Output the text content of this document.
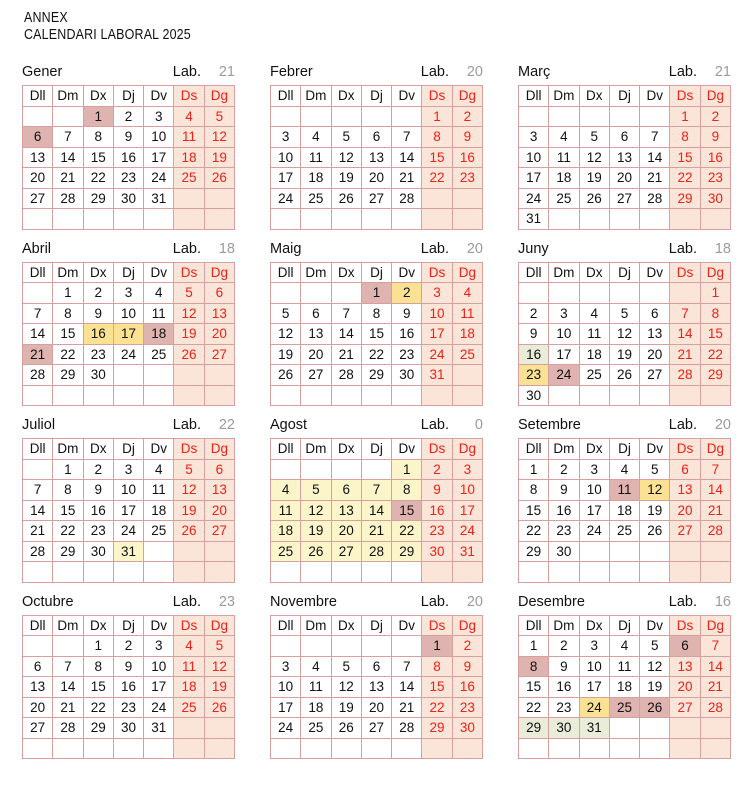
ANNEX
CALENDARI LABORAL 2025
Gener	Lab. 21
Dll	Dm	Dx	Dj	Dv	Ds	Dg
		1	2	3	4	5
6	7	8	9	10	11	12
13	14	15	16	17	18	19
20	21	22	23	24	25	26
27	28	29	30	31		

Febrer	Lab. 20
Dll	Dm	Dx	Dj	Dv	Ds	Dg
					1	2
3	4	5	6	7	8	9
10	11	12	13	14	15	16
17	18	19	20	21	22	23
24	25	26	27	28		

Març	Lab. 21
Dll	Dm	Dx	Dj	Dv	Ds	Dg
					1	2
3	4	5	6	7	8	9
10	11	12	13	14	15	16
17	18	19	20	21	22	23
24	25	26	27	28	29	30
31						
Abril	Lab. 18
Dll	Dm	Dx	Dj	Dv	Ds	Dg
	1	2	3	4	5	6
7	8	9	10	11	12	13
14	15	16	17	18	19	20
21	22	23	24	25	26	27
28	29	30				

Maig	Lab. 20
Dll	Dm	Dx	Dj	Dv	Ds	Dg
			1	2	3	4
5	6	7	8	9	10	11
12	13	14	15	16	17	18
19	20	21	22	23	24	25
26	27	28	29	30	31	

Juny	Lab. 18
Dll	Dm	Dx	Dj	Dv	Ds	Dg
						1
2	3	4	5	6	7	8
9	10	11	12	13	14	15
16	17	18	19	20	21	22
23	24	25	26	27	28	29
30						
Juliol	Lab. 22
Dll	Dm	Dx	Dj	Dv	Ds	Dg
	1	2	3	4	5	6
7	8	9	10	11	12	13
14	15	16	17	18	19	20
21	22	23	24	25	26	27
28	29	30	31			

Agost	Lab. 0
Dll	Dm	Dx	Dj	Dv	Ds	Dg
				1	2	3
4	5	6	7	8	9	10
11	12	13	14	15	16	17
18	19	20	21	22	23	24
25	26	27	28	29	30	31

Setembre	Lab. 20
Dll	Dm	Dx	Dj	Dv	Ds	Dg
1	2	3	4	5	6	7
8	9	10	11	12	13	14
15	16	17	18	19	20	21
22	23	24	25	26	27	28
29	30					

Octubre	Lab. 23
Dll	Dm	Dx	Dj	Dv	Ds	Dg
		1	2	3	4	5
6	7	8	9	10	11	12
13	14	15	16	17	18	19
20	21	22	23	24	25	26
27	28	29	30	31		

Novembre	Lab. 20
Dll	Dm	Dx	Dj	Dv	Ds	Dg
					1	2
3	4	5	6	7	8	9
10	11	12	13	14	15	16
17	18	19	20	21	22	23
24	25	26	27	28	29	30

Desembre	Lab. 16
Dll	Dm	Dx	Dj	Dv	Ds	Dg
1	2	3	4	5	6	7
8	9	10	11	12	13	14
15	16	17	18	19	20	21
22	23	24	25	26	27	28
29	30	31				
